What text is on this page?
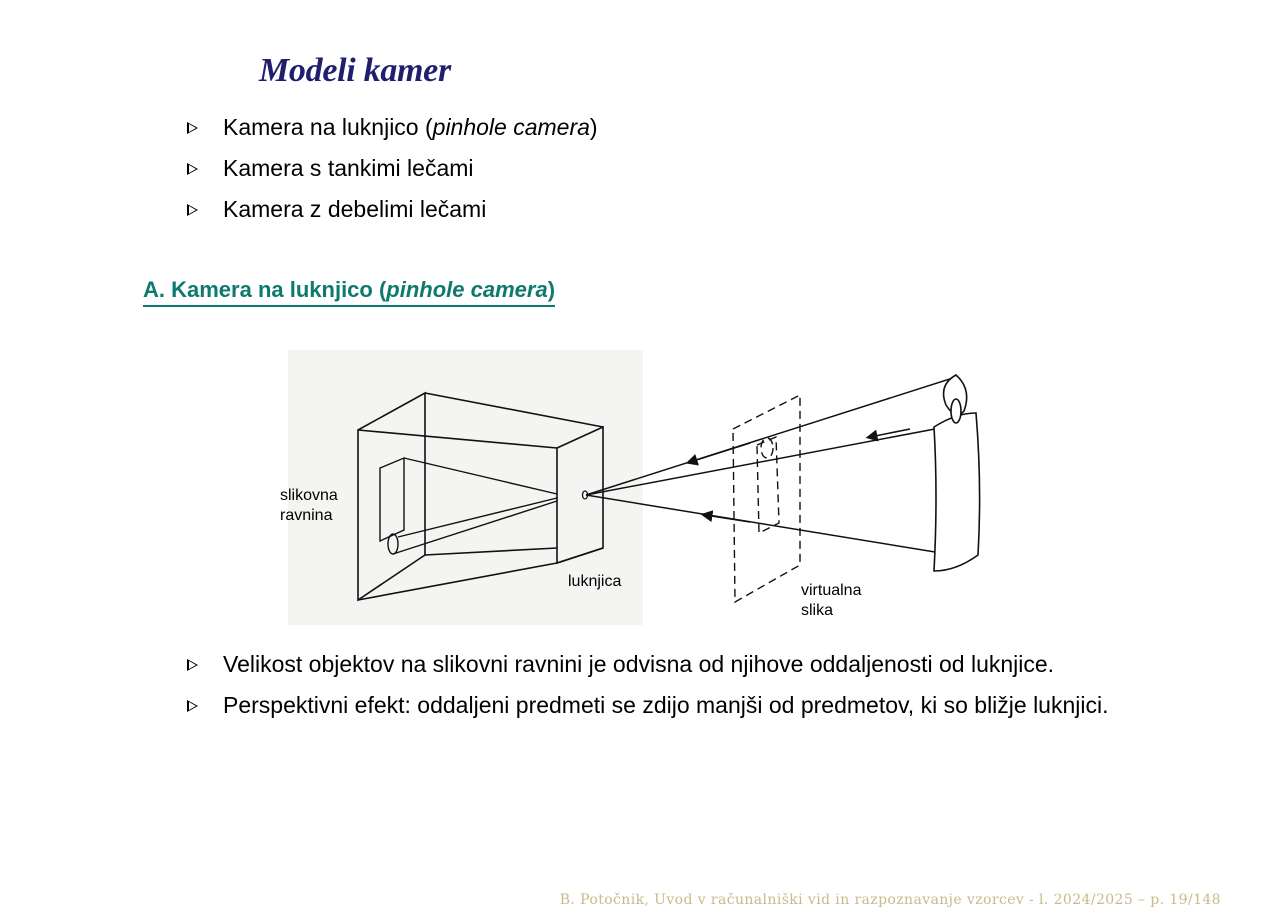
Modeli kamer
Kamera na luknjico (pinhole camera)
Kamera s tankimi lečami
Kamera z debelimi lečami
A. Kamera na luknjico (pinhole camera)
slikovna
ravnina
luknjica
virtualna
slika
Velikost objektov na slikovni ravnini je odvisna od njihove oddaljenosti od luknjice.
Perspektivni efekt: oddaljeni predmeti se zdijo manjši od predmetov, ki so bližje luknjici.
B. Potočnik, Uvod v računalniški vid in razpoznavanje vzorcev - l. 2024/2025 – p. 19/148
